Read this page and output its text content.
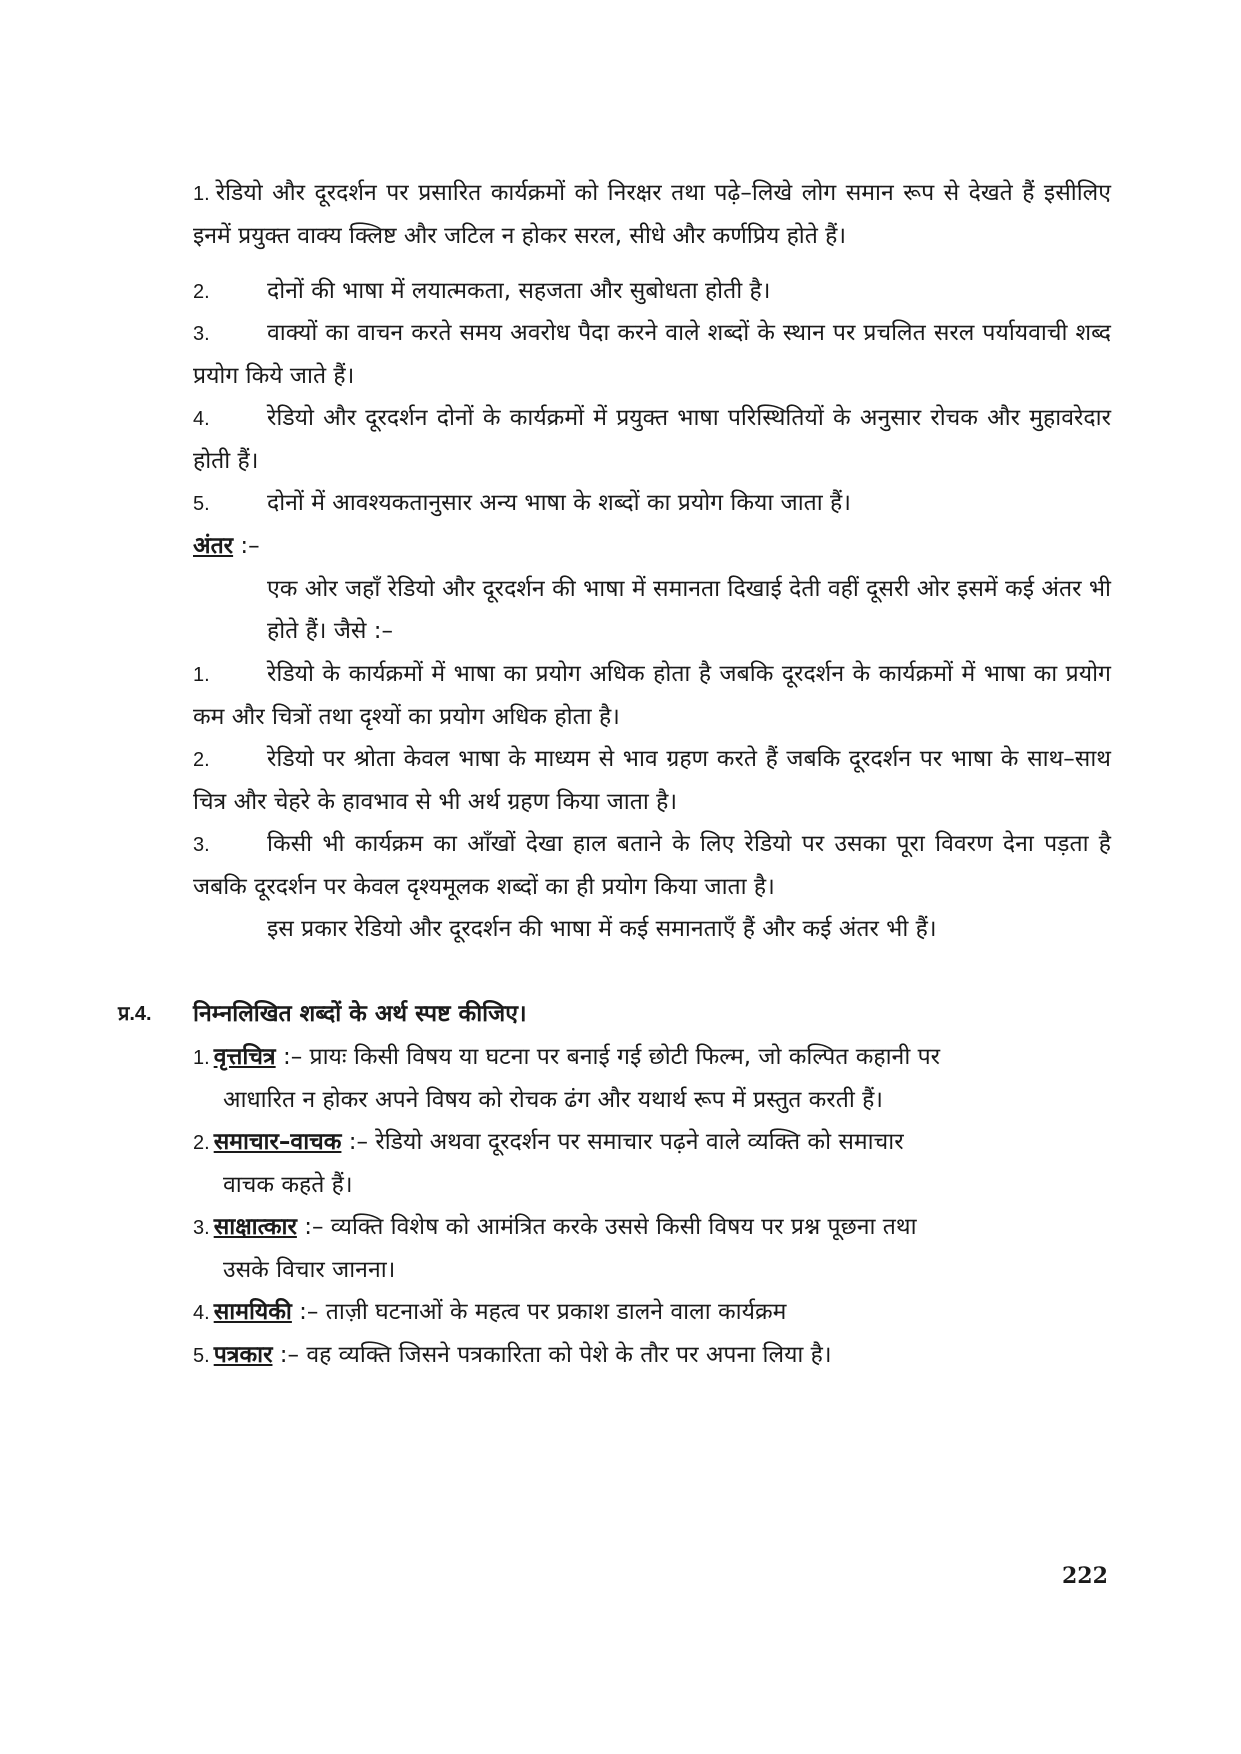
1. रेडियो और दूरदर्शन पर प्रसारित कार्यक्रमों को निरक्षर तथा पढ़े–लिखे लोग समान रूप से देखते हैं इसीलिए इनमें प्रयुक्त वाक्य क्लिष्ट और जटिल न होकर सरल, सीधे और कर्णप्रिय होते हैं।
2. दोनों की भाषा में लयात्मकता, सहजता और सुबोधता होती है।
3. वाक्यों का वाचन करते समय अवरोध पैदा करने वाले शब्दों के स्थान पर प्रचलित सरल पर्यायवाची शब्द प्रयोग किये जाते हैं।
4. रेडियो और दूरदर्शन दोनों के कार्यक्रमों में प्रयुक्त भाषा परिस्थितियों के अनुसार रोचक और मुहावरेदार होती हैं।
5. दोनों में आवश्यकतानुसार अन्य भाषा के शब्दों का प्रयोग किया जाता हैं।
अंतर :–
एक ओर जहाँ रेडियो और दूरदर्शन की भाषा में समानता दिखाई देती वहीं दूसरी ओर इसमें कई अंतर भी होते हैं। जैसे :–
1. रेडियो के कार्यक्रमों में भाषा का प्रयोग अधिक होता है जबकि दूरदर्शन के कार्यक्रमों में भाषा का प्रयोग कम और चित्रों तथा दृश्यों का प्रयोग अधिक होता है।
2. रेडियो पर श्रोता केवल भाषा के माध्यम से भाव ग्रहण करते हैं जबकि दूरदर्शन पर भाषा के साथ–साथ चित्र और चेहरे के हावभाव से भी अर्थ ग्रहण किया जाता है।
3. किसी भी कार्यक्रम का आँखों देखा हाल बताने के लिए रेडियो पर उसका पूरा विवरण देना पड़ता है जबकि दूरदर्शन पर केवल दृश्यमूलक शब्दों का ही प्रयोग किया जाता है।
इस प्रकार रेडियो और दूरदर्शन की भाषा में कई समानताएँ हैं और कई अंतर भी हैं।
प्र.4. निम्नलिखित शब्दों के अर्थ स्पष्ट कीजिए।
1. वृत्तचित्र :– प्रायः किसी विषय या घटना पर बनाई गई छोटी फिल्म, जो कल्पित कहानी पर
आधारित न होकर अपने विषय को रोचक ढंग और यथार्थ रूप में प्रस्तुत करती हैं।
2. समाचार–वाचक :– रेडियो अथवा दूरदर्शन पर समाचार पढ़ने वाले व्यक्ति को समाचार
वाचक कहते हैं।
3. साक्षात्कार :– व्यक्ति विशेष को आमंत्रित करके उससे किसी विषय पर प्रश्न पूछना तथा
उसके विचार जानना।
4. सामयिकी :– ताज़ी घटनाओं के महत्व पर प्रकाश डालने वाला कार्यक्रम
5. पत्रकार :– वह व्यक्ति जिसने पत्रकारिता को पेशे के तौर पर अपना लिया है।
222
